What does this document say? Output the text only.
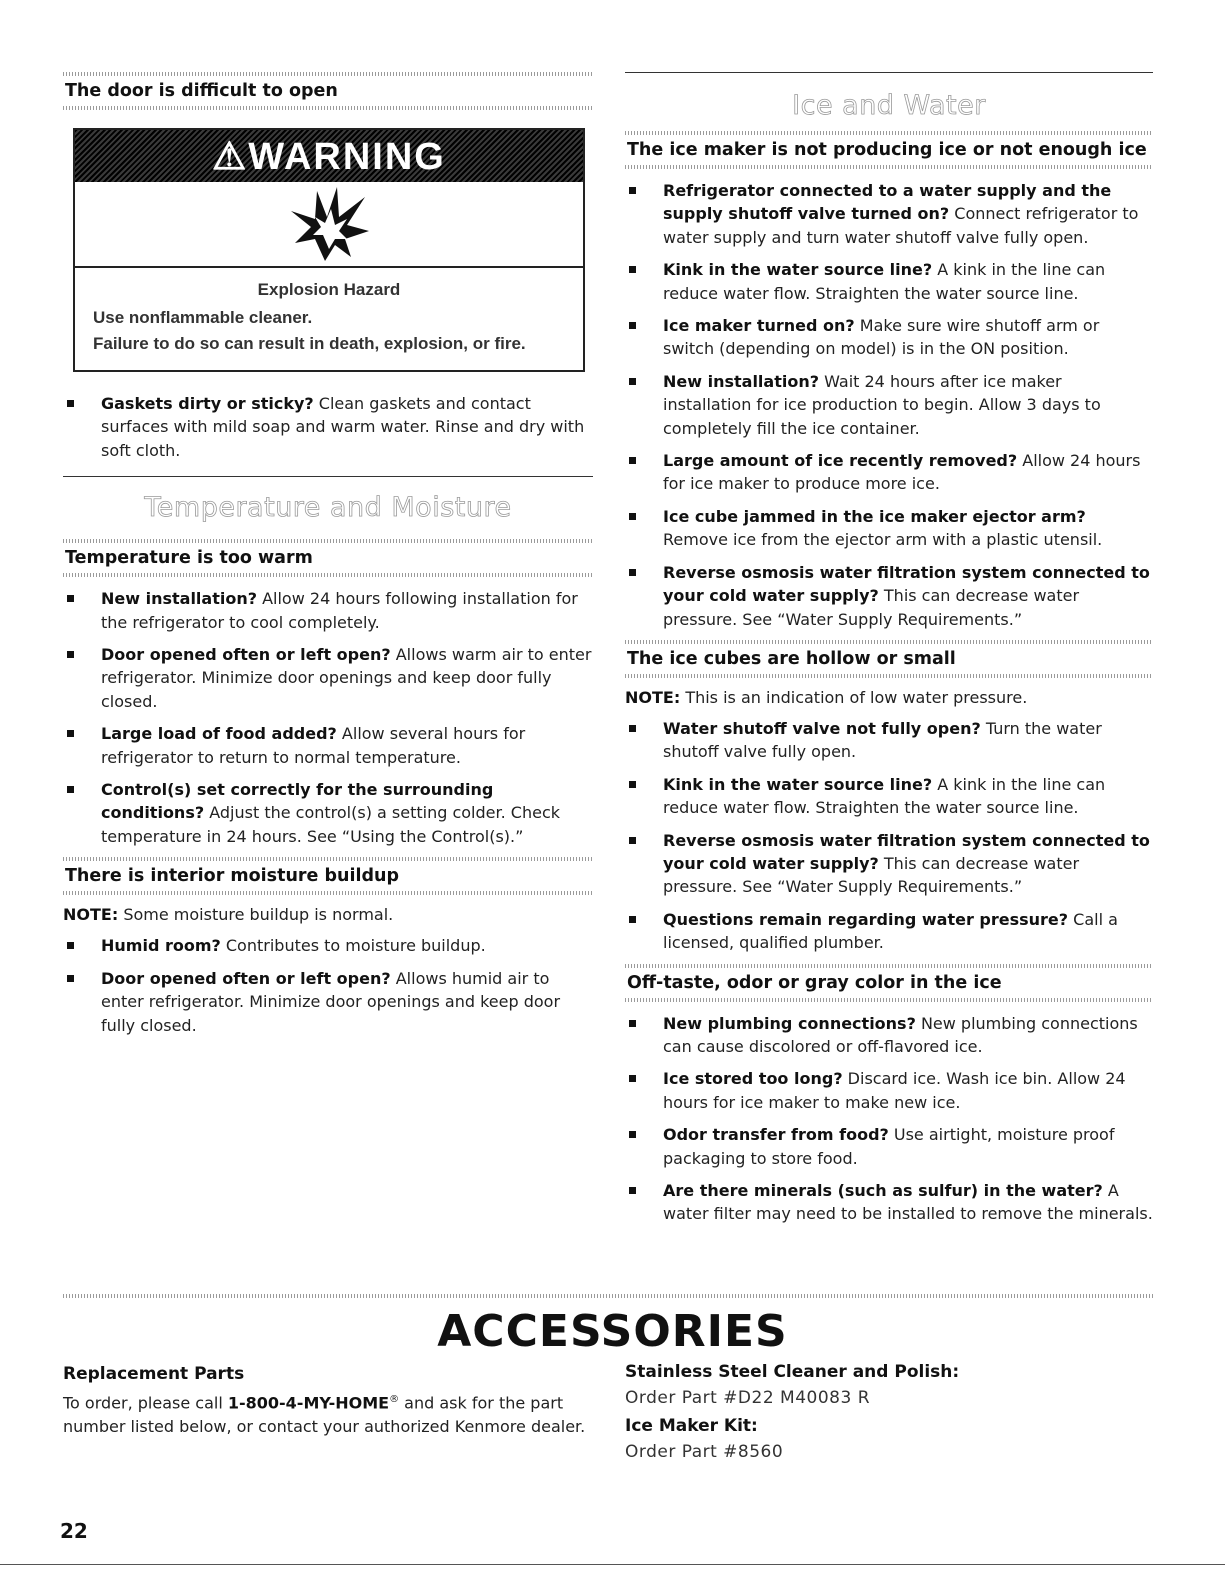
The door is difficult to open
⚠WARNING
Explosion Hazard
Use nonflammable cleaner.
Failure to do so can result in death, explosion, or fire.
Gaskets dirty or sticky? Clean gaskets and contact surfaces with mild soap and warm water. Rinse and dry with soft cloth.
Temperature and Moisture
Temperature is too warm
New installation? Allow 24 hours following installation for the refrigerator to cool completely.
Door opened often or left open? Allows warm air to enter refrigerator. Minimize door openings and keep door fully closed.
Large load of food added? Allow several hours for refrigerator to return to normal temperature.
Control(s) set correctly for the surrounding conditions? Adjust the control(s) a setting colder. Check temperature in 24 hours. See “Using the Control(s).”
There is interior moisture buildup

NOTE: Some moisture buildup is normal.

Humid room? Contributes to moisture buildup.
Door opened often or left open? Allows humid air to enter refrigerator. Minimize door openings and keep door fully closed.
Ice and Water
The ice maker is not producing ice or not enough ice
Refrigerator connected to a water supply and the supply shutoff valve turned on? Connect refrigerator to water supply and turn water shutoff valve fully open.
Kink in the water source line? A kink in the line can reduce water flow. Straighten the water source line.
Ice maker turned on? Make sure wire shutoff arm or switch (depending on model) is in the ON position.
New installation? Wait 24 hours after ice maker installation for ice production to begin. Allow 3 days to completely fill the ice container.
Large amount of ice recently removed? Allow 24 hours for ice maker to produce more ice.
Ice cube jammed in the ice maker ejector arm? Remove ice from the ejector arm with a plastic utensil.
Reverse osmosis water filtration system connected to your cold water supply? This can decrease water pressure. See “Water Supply Requirements.”
The ice cubes are hollow or small

NOTE: This is an indication of low water pressure.

Water shutoff valve not fully open? Turn the water shutoff valve fully open.
Kink in the water source line? A kink in the line can reduce water flow. Straighten the water source line.
Reverse osmosis water filtration system connected to your cold water supply? This can decrease water pressure. See “Water Supply Requirements.”
Questions remain regarding water pressure? Call a licensed, qualified plumber.
Off-taste, odor or gray color in the ice
New plumbing connections? New plumbing connections can cause discolored or off-flavored ice.
Ice stored too long? Discard ice. Wash ice bin. Allow 24 hours for ice maker to make new ice.
Odor transfer from food? Use airtight, moisture proof packaging to store food.
Are there minerals (such as sulfur) in the water? A water filter may need to be installed to remove the minerals.
ACCESSORIES
Replacement Parts
To order, please call 1-800-4-MY-HOME® and ask for the part number listed below, or contact your authorized Kenmore dealer.
Stainless Steel Cleaner and Polish:
Order Part #D22 M40083 R
Ice Maker Kit:
Order Part #8560
22
